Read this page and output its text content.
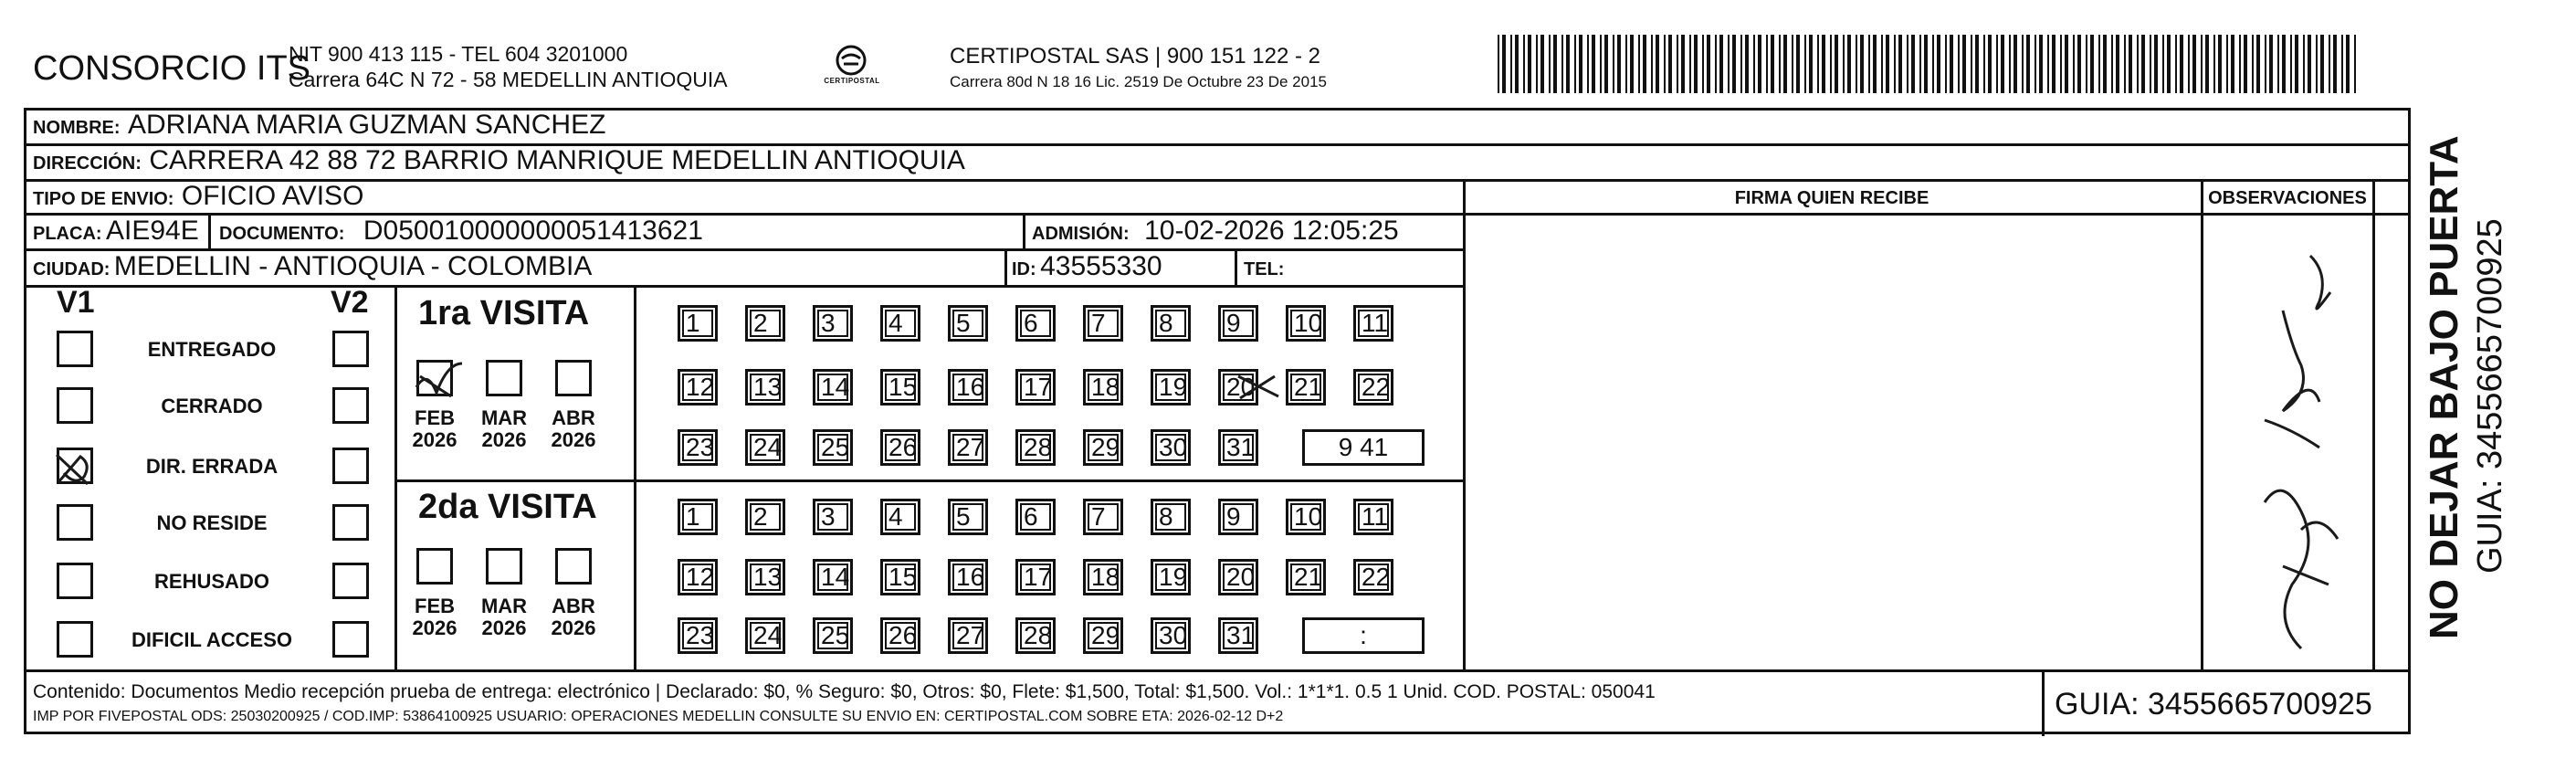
CONSORCIO ITS
NIT 900 413 115 - TEL 604 3201000
Carrera 64C N 72 - 58 MEDELLIN ANTIOQUIA	CERTIPOSTAL
CERTIPOSTAL SAS | 900 151 122 - 2
Carrera 80d N 18 16 Lic. 2519 De Octubre 23 De 2015
NOMBRE: ADRIANA MARIA GUZMAN SANCHEZ
DIRECCIÓN: CARRERA 42 88 72 BARRIO MANRIQUE MEDELLIN ANTIOQUIA
TIPO DE ENVIO: OFICIO AVISO	FIRMA QUIEN RECIBE	OBSERVACIONES
PLACA: AIE94E DOCUMENTO: D050010000000051413621	ADMISIÓN: 10-02-2026 12:05:25
CIUDAD: MEDELLIN - ANTIOQUIA - COLOMBIA	ID: 43555330	TEL:
V1	V2
ENTREGADO
CERRADO
DIR. ERRADA
NO RESIDE
REHUSADO
DIFICIL ACCESO
1ra VISITA
2da VISITA
FEB
2026
MAR
2026
ABR
2026
FEB
2026
MAR
2026
ABR
2026
1	2	3	4	5	6	7	8	9	10	11
12	13	14	15	16	17	18	19	20	21	22
23	24	25	26	27	28	29	30	31	9 41
1	2	3	4	5	6	7	8	9	10	11
12	13	14	15	16	17	18	19	20	21	22
23	24	25	26	27	28	29	30	31	:
Contenido: Documentos Medio recepción prueba de entrega: electrónico | Declarado: $0, % Seguro: $0, Otros: $0, Flete: $1,500, Total: $1,500. Vol.: 1*1*1. 0.5 1 Unid. COD. POSTAL: 050041
IMP POR FIVEPOSTAL ODS: 25030200925 / COD.IMP: 53864100925 USUARIO: OPERACIONES MEDELLIN CONSULTE SU ENVIO EN: CERTIPOSTAL.COM SOBRE ETA: 2026-02-12 D+2	GUIA: 3455665700925
NO DEJAR BAJO PUERTA GUIA: 3455665700925
